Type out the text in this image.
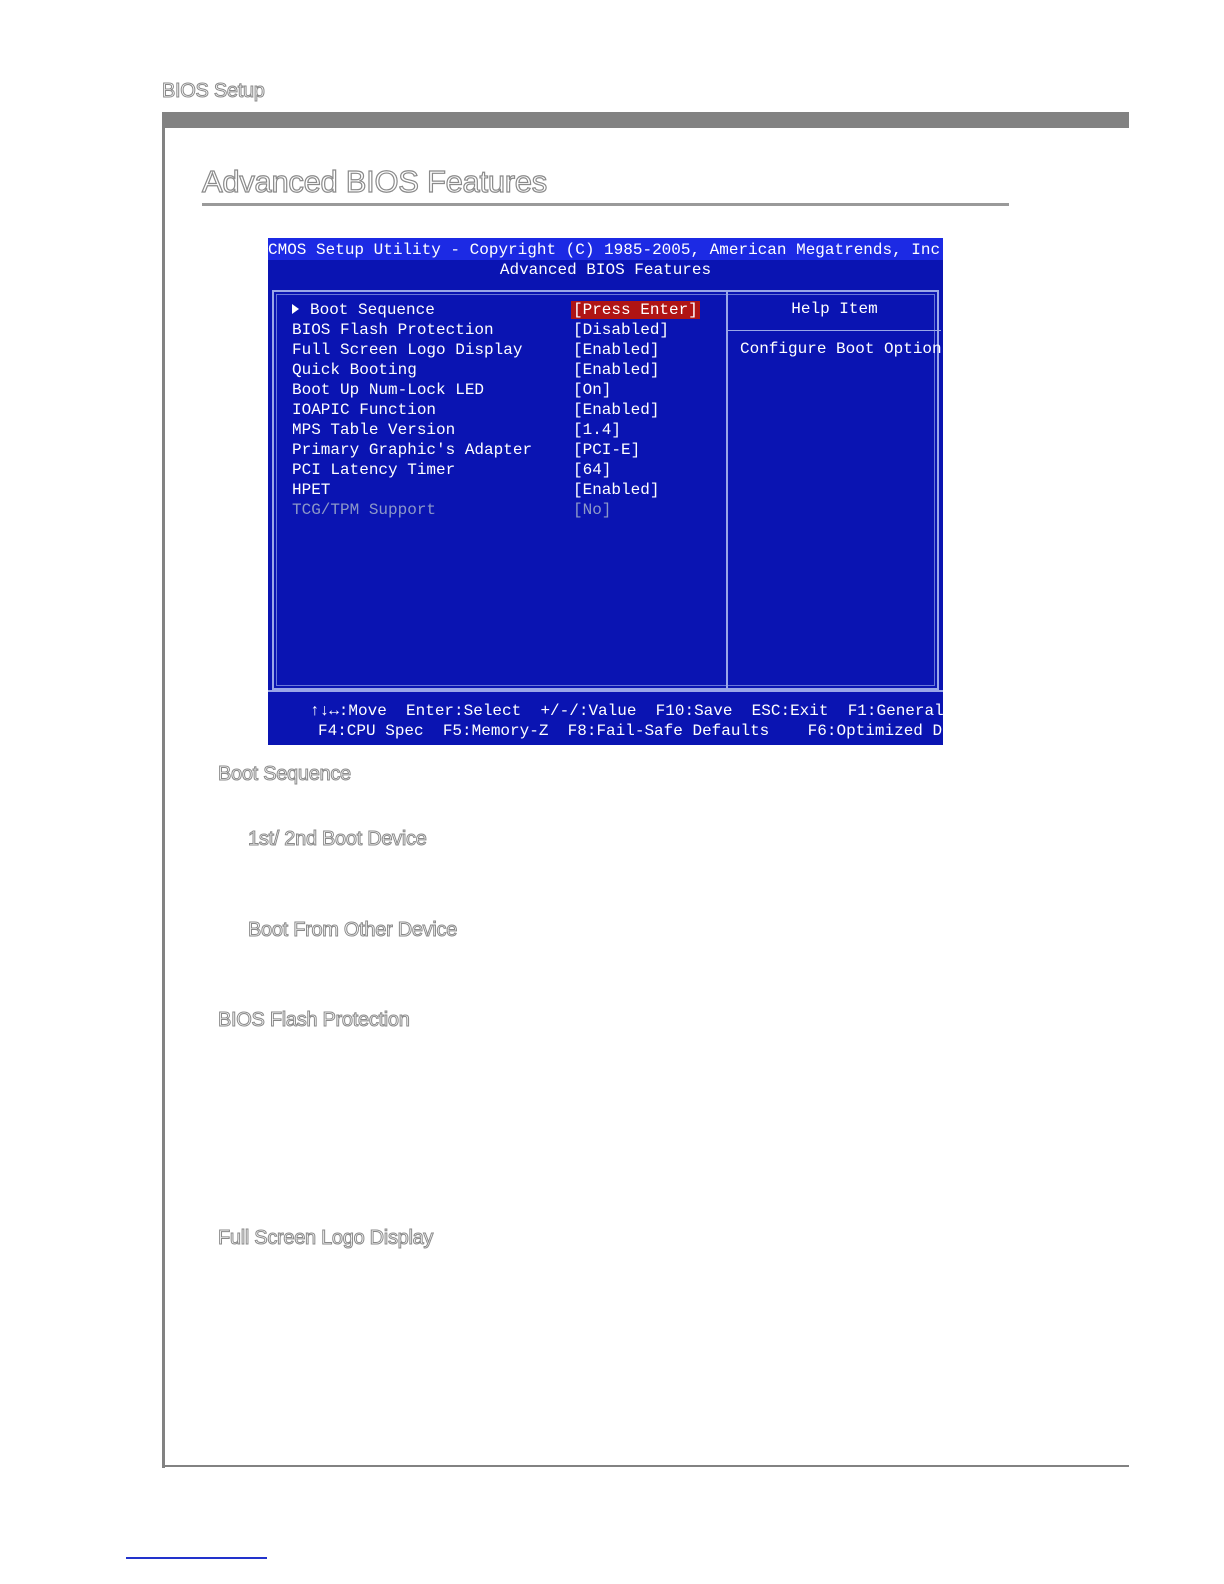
BIOS Setup
Advanced BIOS Features
CMOS Setup Utility - Copyright (C) 1985-2005, American Megatrends, Inc.
Advanced BIOS Features
Boot Sequence
BIOS Flash Protection
Full Screen Logo Display
Quick Booting
Boot Up Num-Lock LED
IOAPIC Function
MPS Table Version
Primary Graphic's Adapter
PCI Latency Timer
HPET
TCG/TPM Support
[Press Enter]
[Disabled]
[Enabled]
[Enabled]
[On]
[Enabled]
[1.4]
[PCI-E]
[64]
[Enabled]
[No]
Help Item
Configure Boot Options
↑↓↔:Move  Enter:Select  +/-/:Value  F10:Save  ESC:Exit  F1:General Help
F4:CPU Spec  F5:Memory-Z  F8:Fail-Safe Defaults    F6:Optimized Defaults
Boot Sequence
1st/ 2nd Boot Device
Boot From Other Device
BIOS Flash Protection
Full Screen Logo Display
